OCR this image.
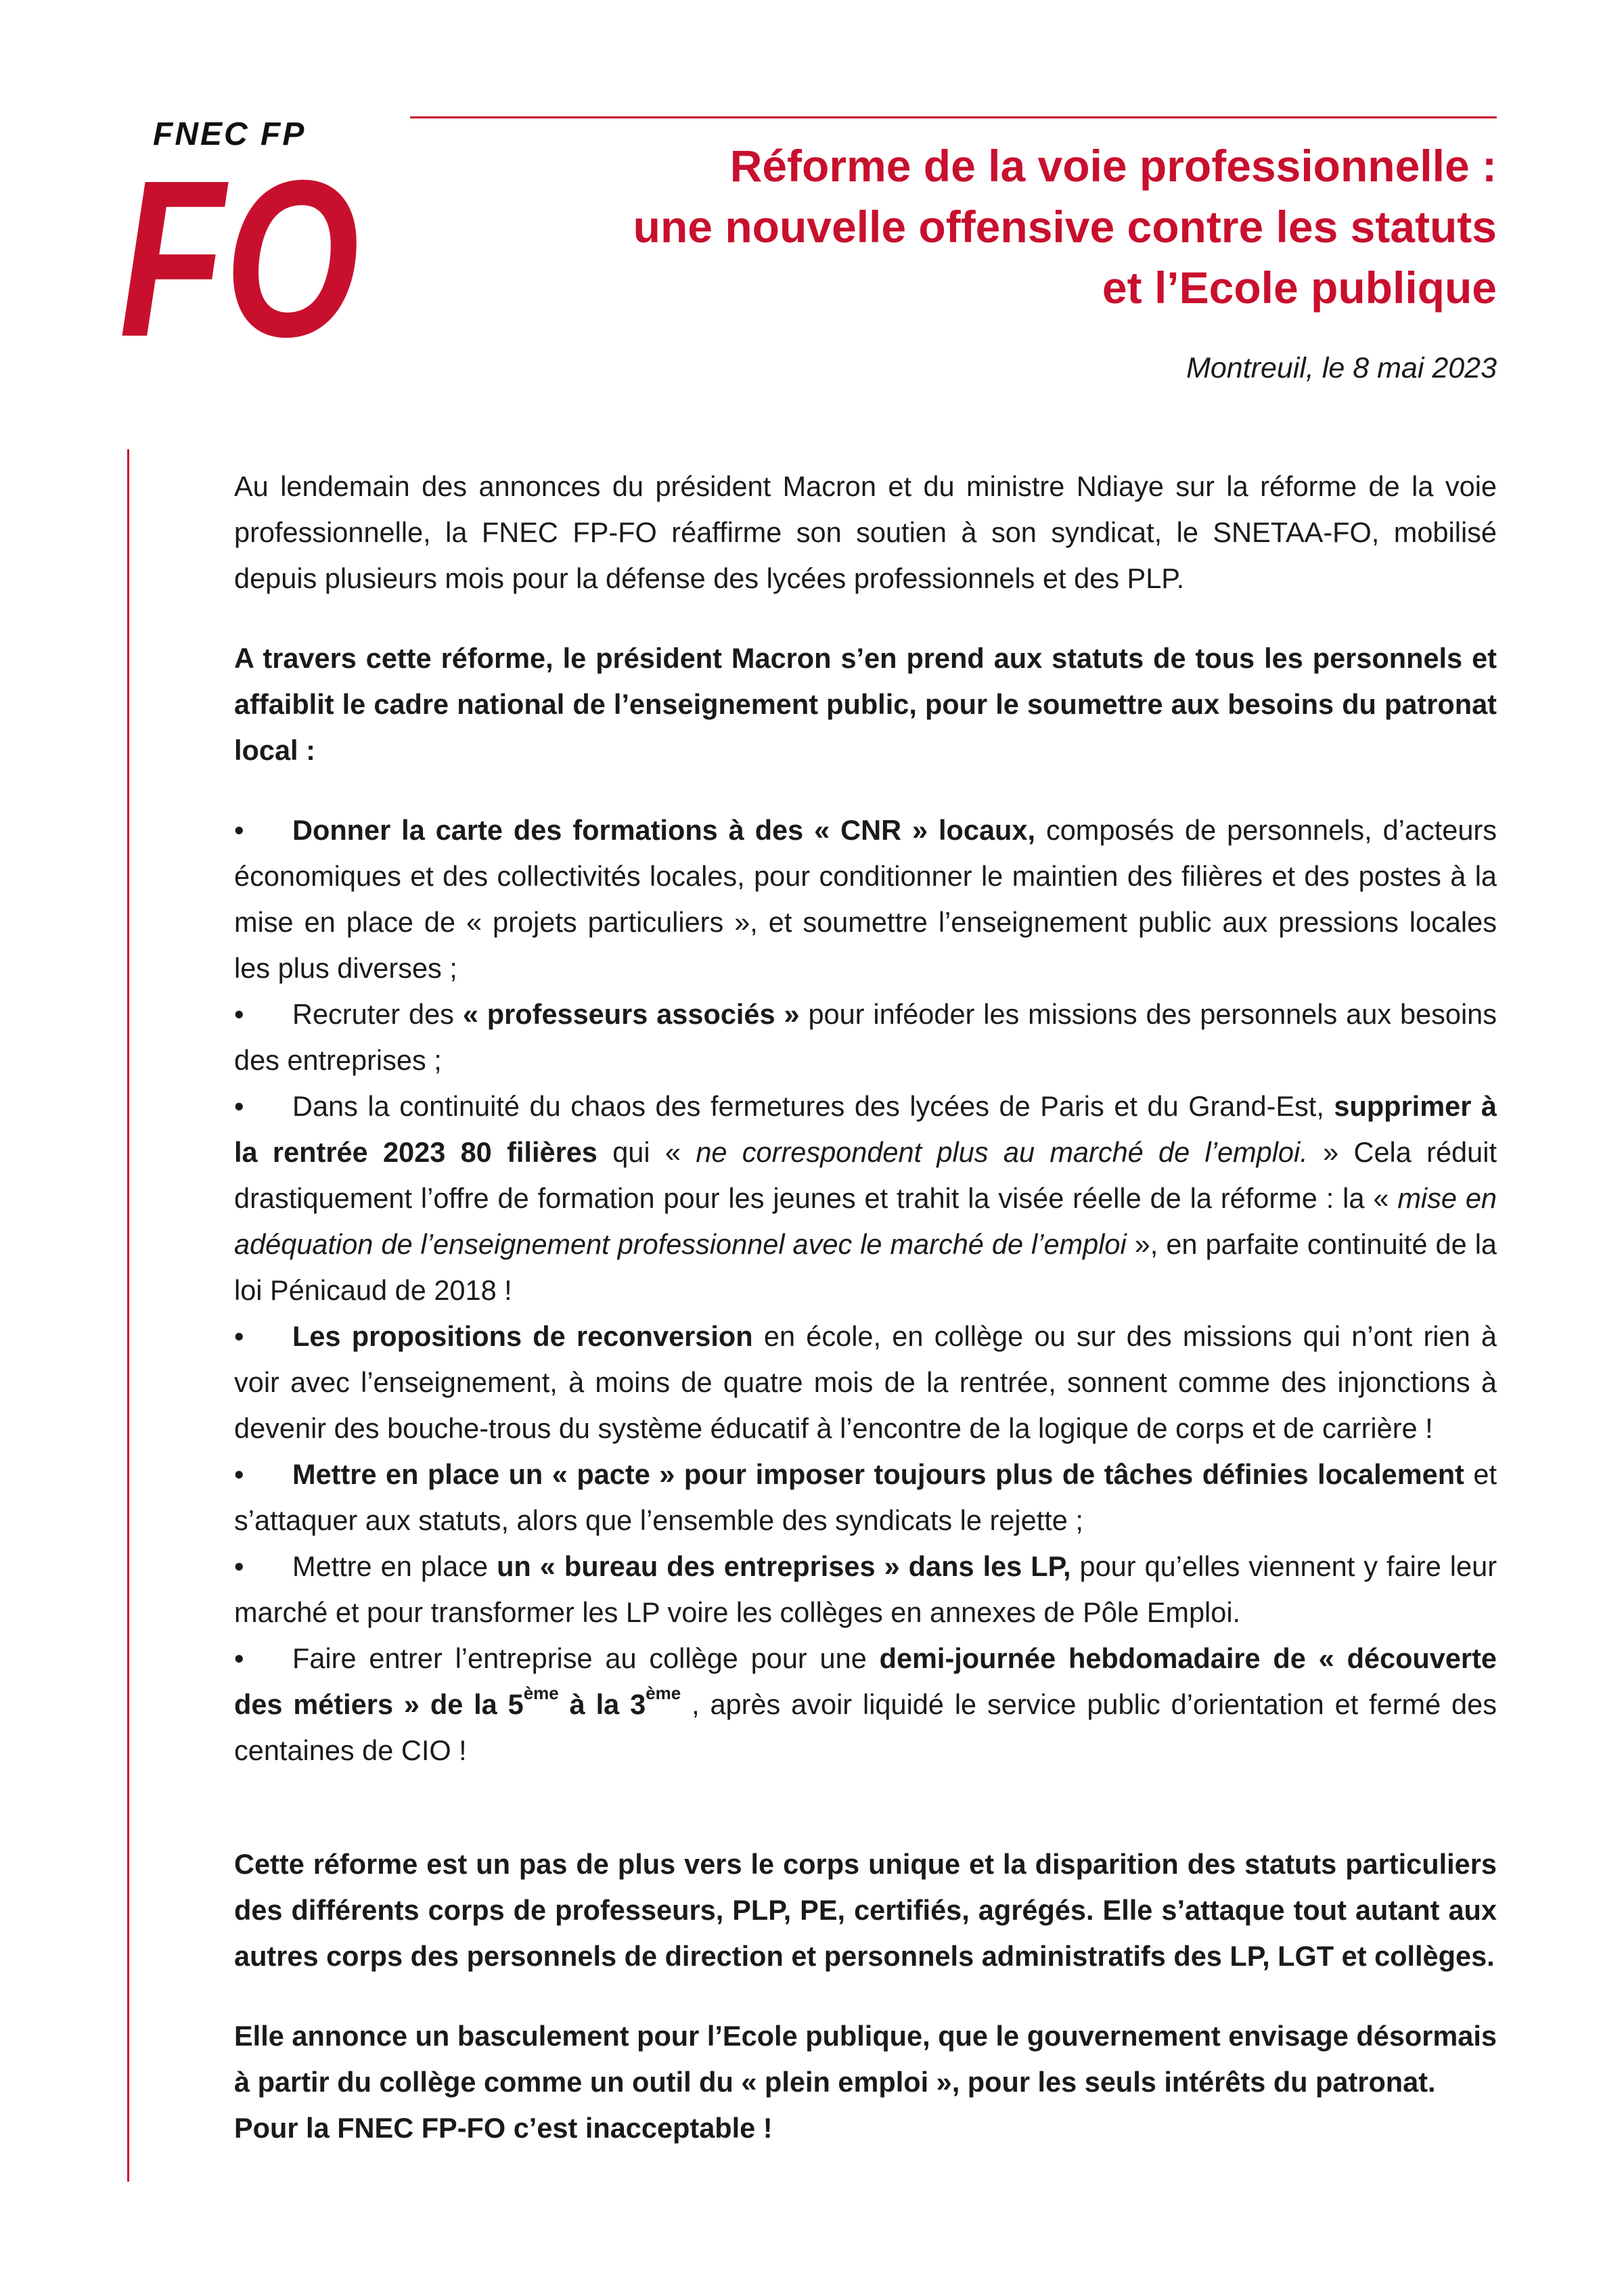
FNEC FP
FO	Réforme de la voie professionnelle :
une nouvelle offensive contre les statuts
et l’Ecole publique
Montreuil, le 8 mai 2023

Au lendemain des annonces du président Macron et du ministre Ndiaye sur la réforme de la voie professionnelle, la FNEC FP-FO réaffirme son soutien à son syndicat, le SNETAA-FO, mobilisé depuis plusieurs mois pour la défense des lycées professionnels et des PLP.

A travers cette réforme, le président Macron s’en prend aux statuts de tous les personnels et affaiblit le cadre national de l’enseignement public, pour le soumettre aux besoins du patronat local :

• Donner la carte des formations à des « CNR » locaux, composés de personnels, d’acteurs économiques et des collectivités locales, pour conditionner le maintien des filières et des postes à la mise en place de « projets particuliers », et soumettre l’enseignement public aux pressions locales les plus diverses ;

• Recruter des « professeurs associés » pour inféoder les missions des personnels aux besoins des entreprises ;

• Dans la continuité du chaos des fermetures des lycées de Paris et du Grand-Est, supprimer à la rentrée 2023 80 filières qui « ne correspondent plus au marché de l’emploi. » Cela réduit drastiquement l’offre de formation pour les jeunes et trahit la visée réelle de la réforme : la « mise en adéquation de l’enseignement professionnel avec le marché de l’emploi », en parfaite continuité de la loi Pénicaud de 2018 !

• Les propositions de reconversion en école, en collège ou sur des missions qui n’ont rien à voir avec l’enseignement, à moins de quatre mois de la rentrée, sonnent comme des injonctions à devenir des bouche-trous du système éducatif à l’encontre de la logique de corps et de carrière !

• Mettre en place un « pacte » pour imposer toujours plus de tâches définies localement et s’attaquer aux statuts, alors que l’ensemble des syndicats le rejette ;

• Mettre en place un « bureau des entreprises » dans les LP, pour qu’elles viennent y faire leur marché et pour transformer les LP voire les collèges en annexes de Pôle Emploi.

• Faire entrer l’entreprise au collège pour une demi-journée hebdomadaire de « découverte des métiers » de la 5ème à la 3ème , après avoir liquidé le service public d’orientation et fermé des centaines de CIO !

Cette réforme est un pas de plus vers le corps unique et la disparition des statuts particuliers des différents corps de professeurs, PLP, PE, certifiés, agrégés. Elle s’attaque tout autant aux autres corps des personnels de direction et personnels administratifs des LP, LGT et collèges.

Elle annonce un basculement pour l’Ecole publique, que le gouvernement envisage désormais à partir du collège comme un outil du « plein emploi », pour les seuls intérêts du patronat.
Pour la FNEC FP-FO c’est inacceptable !
